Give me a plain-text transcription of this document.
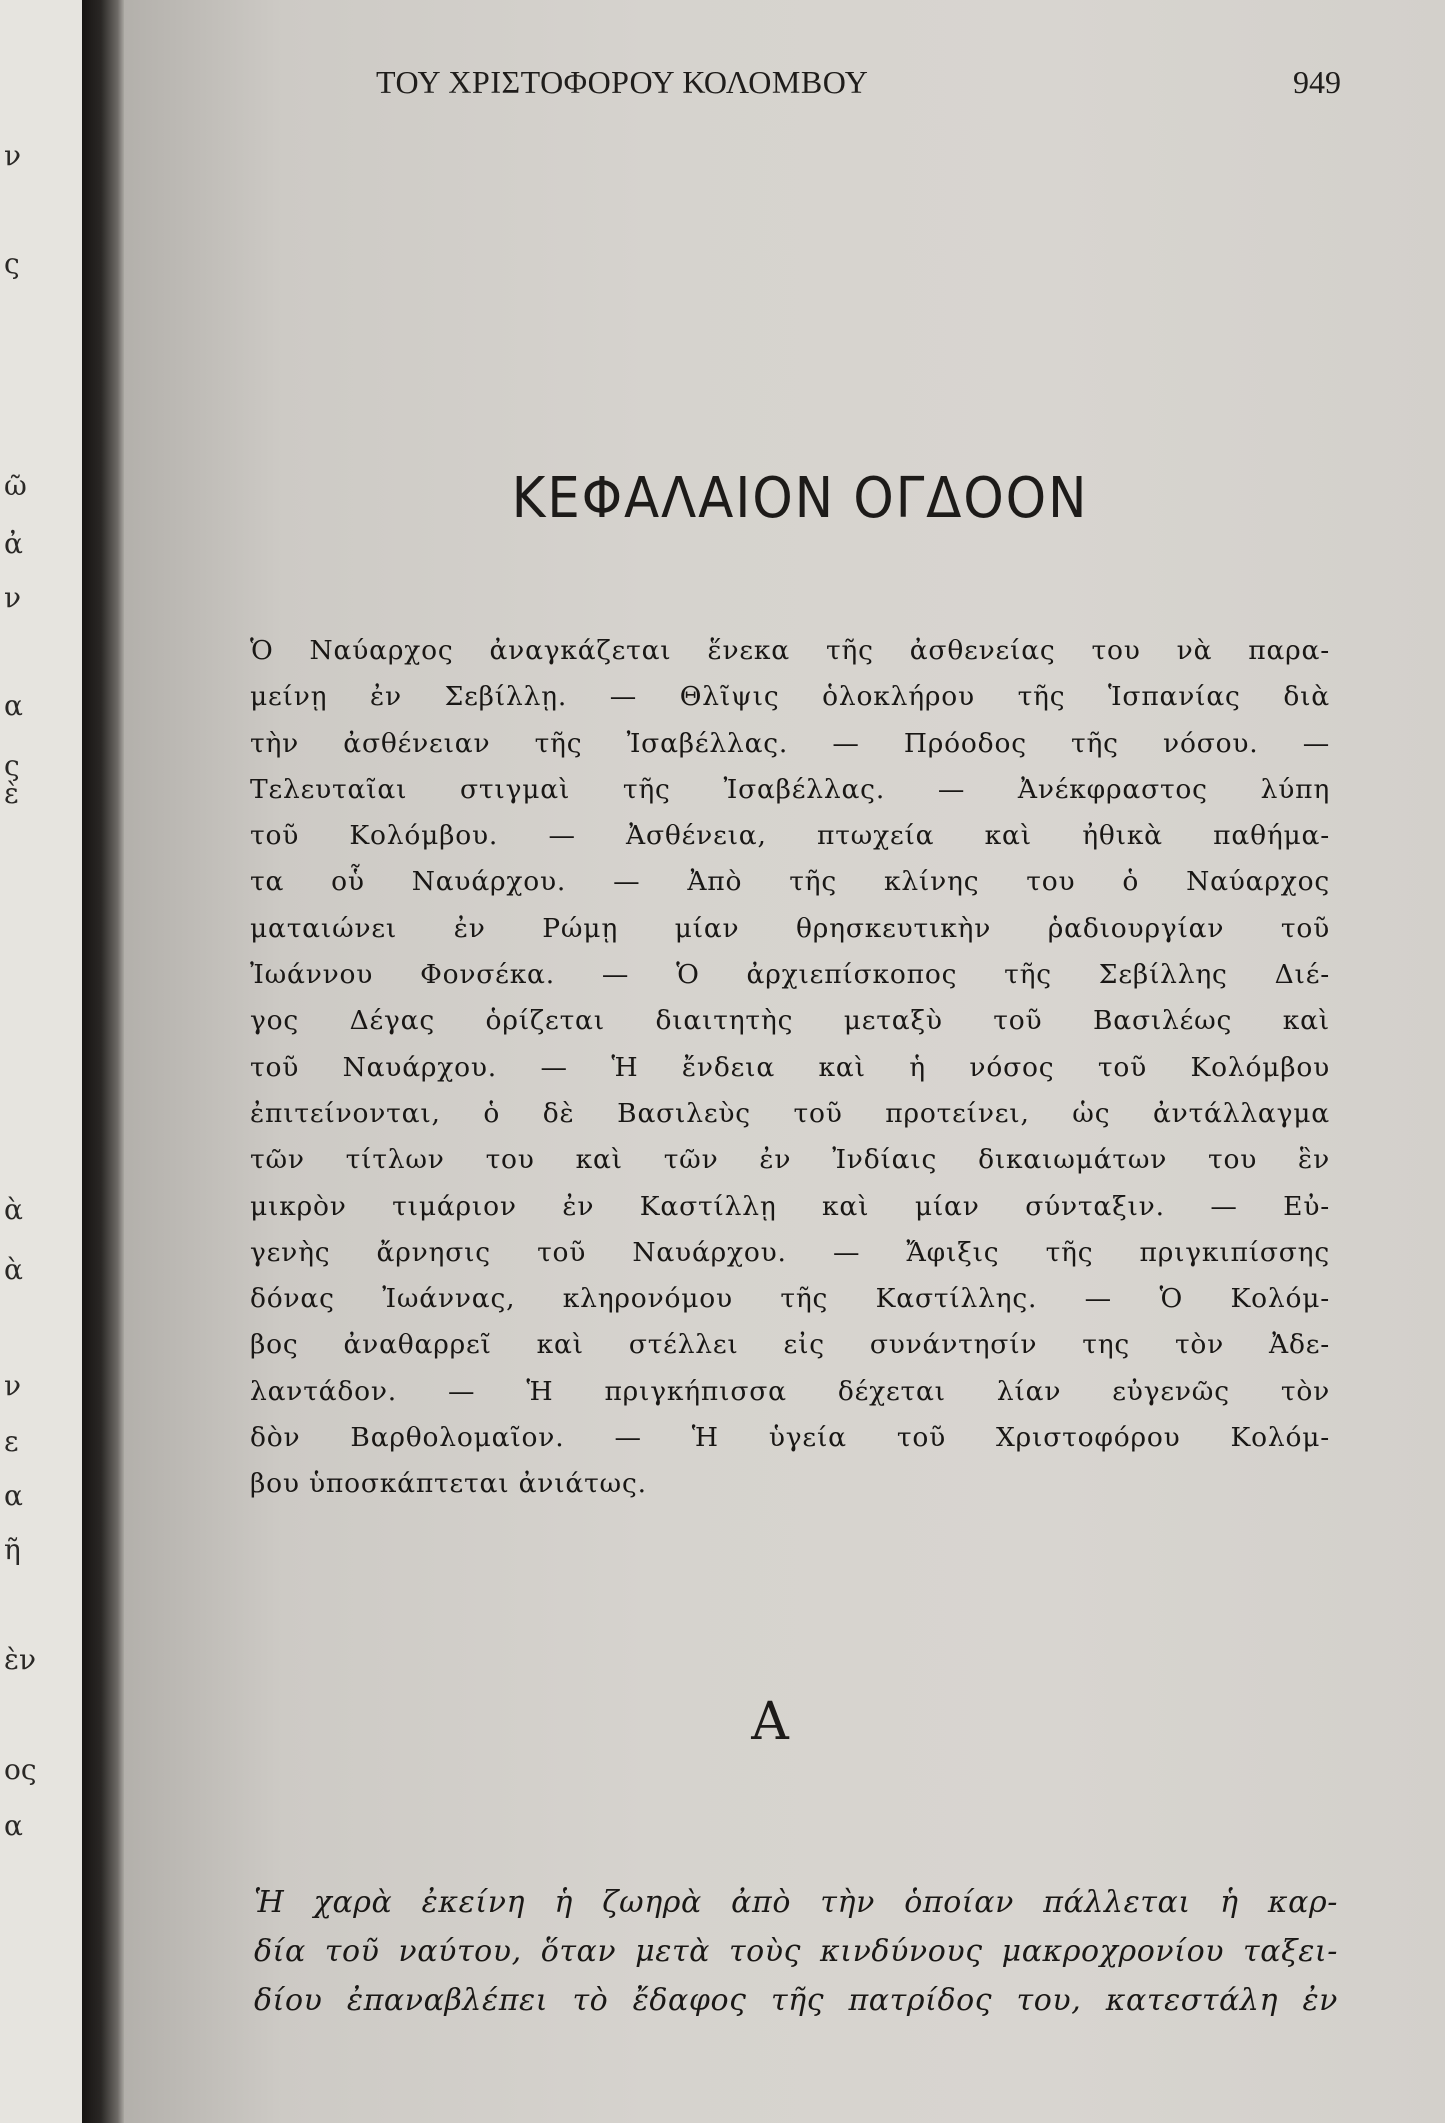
ν
ς
ῶ
ἀ
ν
α
ς
ὲ
ὰ
ὰ
ν
ε
α
ῆ
ὲν
ος
α
ΤΟΥ ΧΡΙΣΤΟΦΟΡΟΥ ΚΟΛΟΜΒΟΥ	949
ΚΕΦΑΛΑΙΟΝ ΟΓΔΟΟΝ

Ὁ Ναύαρχος ἀναγκάζεται ἕνεκα τῆς ἀσθενείας του νὰ παρα-
μείνῃ ἐν Σεβίλλῃ. — Θλῖψις ὁλοκλήρου τῆς Ἱσπανίας διὰ
τὴν ἀσθένειαν τῆς Ἰσαβέλλας. — Πρόοδος τῆς νόσου. —
Τελευταῖαι στιγμαὶ τῆς Ἰσαβέλλας. — Ἀνέκφραστος λύπη
τοῦ Κολόμβου. — Ἀσθένεια, πτωχεία καὶ ἠθικὰ παθήμα-
τα οὗ Ναυάρχου. — Ἀπὸ τῆς κλίνης του ὁ Ναύαρχος
ματαιώνει ἐν Ρώμῃ μίαν θρησκευτικὴν ῥαδιουργίαν τοῦ
Ἰωάννου Φονσέκα. — Ὁ ἀρχιεπίσκοπος τῆς Σεβίλλης Διέ-
γος Δέγας ὁρίζεται διαιτητὴς μεταξὺ τοῦ Βασιλέως καὶ
τοῦ Ναυάρχου. — Ἡ ἔνδεια καὶ ἡ νόσος τοῦ Κολόμβου
ἐπιτείνονται, ὁ δὲ Βασιλεὺς τοῦ προτείνει, ὡς ἀντάλλαγμα
τῶν τίτλων του καὶ τῶν ἐν Ἰνδίαις δικαιωμάτων του ἓν
μικρὸν τιμάριον ἐν Καστίλλῃ καὶ μίαν σύνταξιν. — Εὐ-
γενὴς ἄρνησις τοῦ Ναυάρχου. — Ἄφιξις τῆς πριγκιπίσσης
δόνας Ἰωάννας, κληρονόμου τῆς Καστίλλης. — Ὁ Κολόμ-
βος ἀναθαρρεῖ καὶ στέλλει εἰς συνάντησίν της τὸν Ἀδε-
λαντάδον. — Ἡ πριγκήπισσα δέχεται λίαν εὐγενῶς τὸν
δὸν Βαρθολομαῖον. — Ἡ ὑγεία τοῦ Χριστοφόρου Κολόμ-
βου ὑποσκάπτεται ἀνιάτως.

Α

Ἡ χαρὰ ἐκείνη ἡ ζωηρὰ ἀπὸ τὴν ὁποίαν πάλλεται ἡ καρ-
δία τοῦ ναύτου, ὅταν μετὰ τοὺς κινδύνους μακροχρονίου ταξει-
δίου ἐπαναβλέπει τὸ ἔδαφος τῆς πατρίδος του, κατεστάλη ἐν
